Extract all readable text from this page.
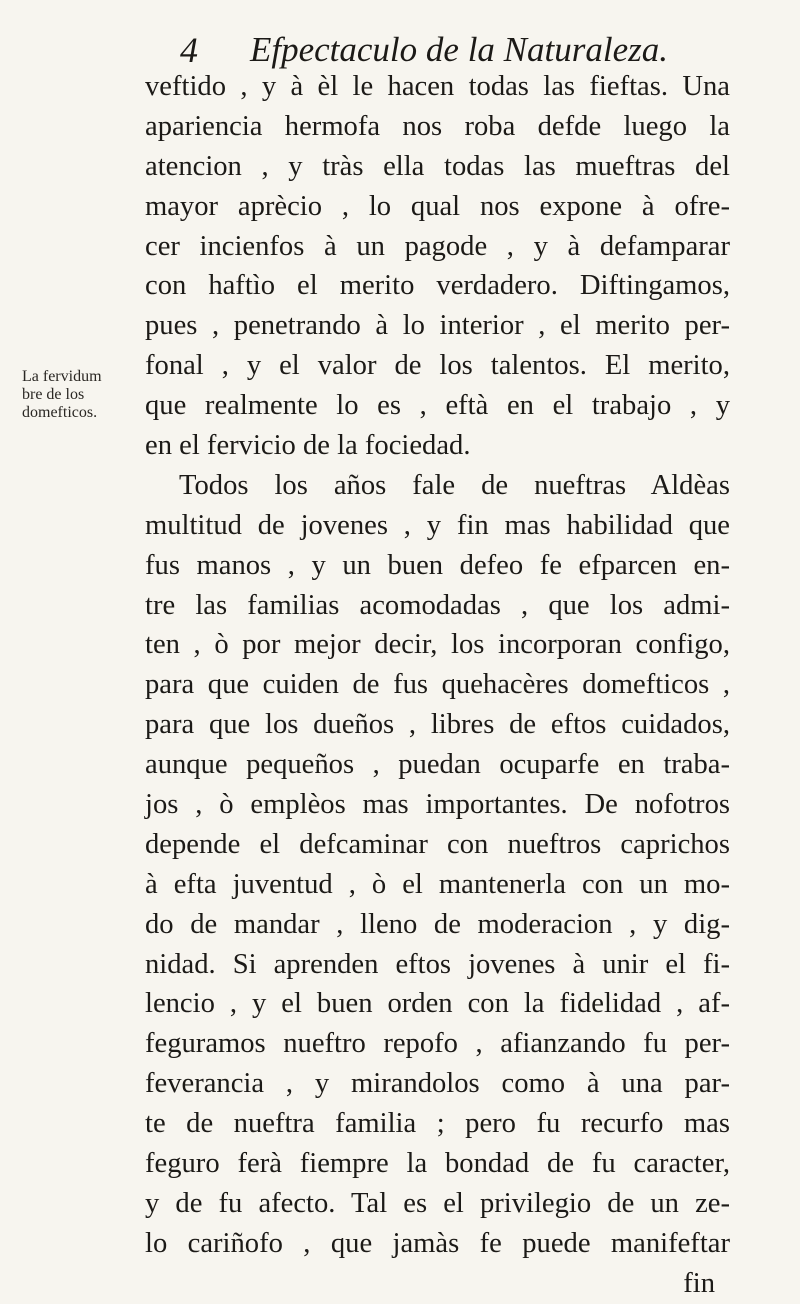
4 Efpectaculo de la Naturaleza.
La fervidum
bre de los
domefticos.
veftido , y à èl le hacen todas las fieftas. Una
apariencia hermofa nos roba defde luego la
atencion , y tràs ella todas las mueftras del
mayor aprècio , lo qual nos expone à ofre-
cer incienfos à un pagode , y à defamparar
con haftìo el merito verdadero. Diftingamos,
pues , penetrando à lo interior , el merito per-
fonal , y el valor de los talentos. El merito,
que realmente lo es , eftà en el trabajo , y
en el fervicio de la fociedad.
Todos los años fale de nueftras Aldèas
multitud de jovenes , y fin mas habilidad que
fus manos , y un buen defeo fe efparcen en-
tre las familias acomodadas , que los admi-
ten , ò por mejor decir, los incorporan configo,
para que cuiden de fus quehacères domefticos ,
para que los dueños , libres de eftos cuidados,
aunque pequeños , puedan ocuparfe en traba-
jos , ò emplèos mas importantes. De nofotros
depende el defcaminar con nueftros caprichos
à efta juventud , ò el mantenerla con un mo-
do de mandar , lleno de moderacion , y dig-
nidad. Si aprenden eftos jovenes à unir el fi-
lencio , y el buen orden con la fidelidad , af-
feguramos nueftro repofo , afianzando fu per-
feverancia , y mirandolos como à una par-
te de nueftra familia ; pero fu recurfo mas
feguro ferà fiempre la bondad de fu caracter,
y de fu afecto. Tal es el privilegio de un ze-
lo cariñofo , que jamàs fe puede manifeftar
fin
